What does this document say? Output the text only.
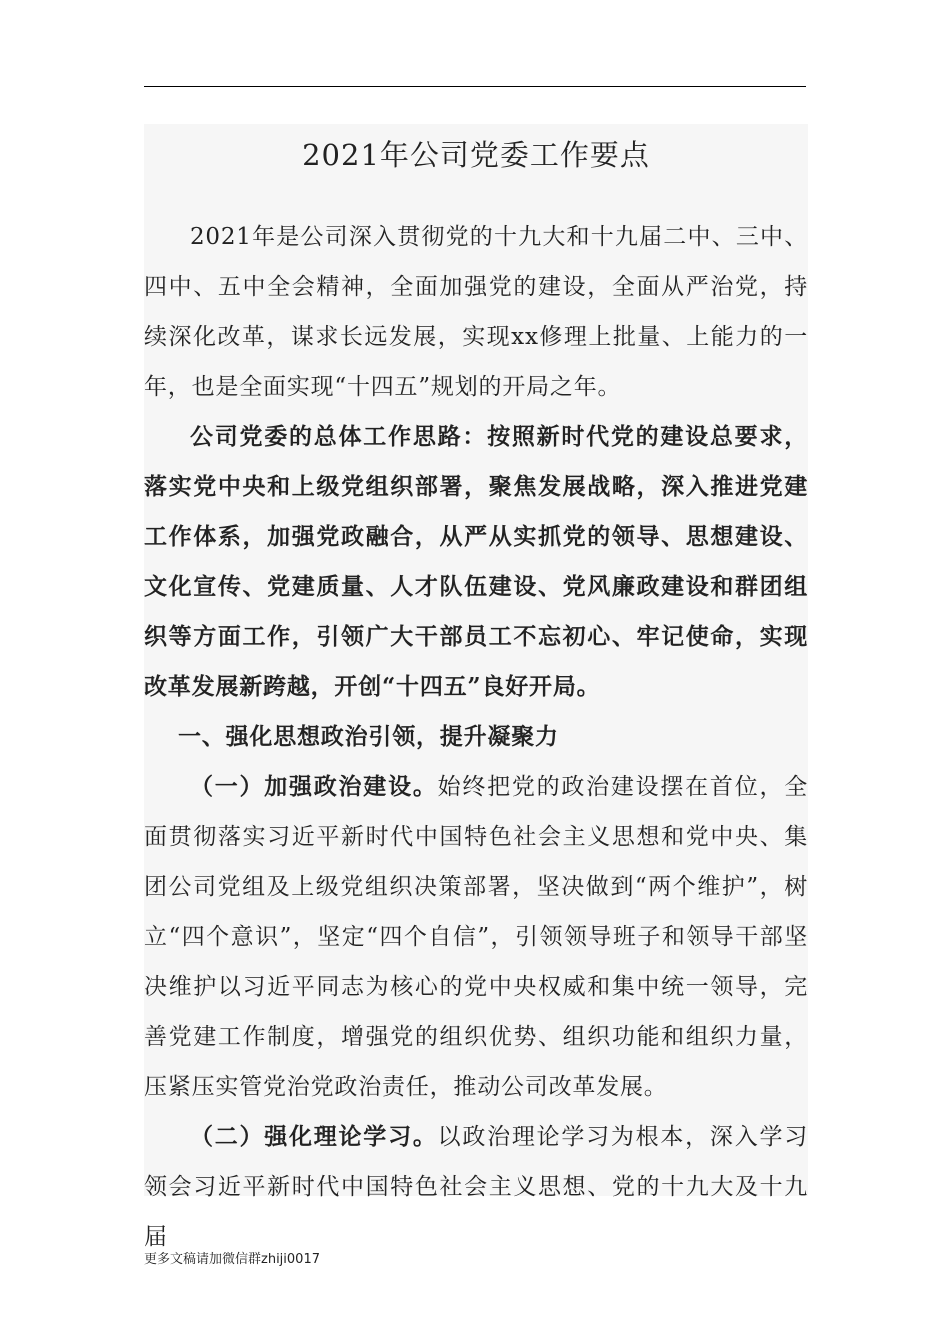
2021年公司党委工作要点

2021年是公司深入贯彻党的十九大和十九届二中、三中、四中、五中全会精神，全面加强党的建设，全面从严治党，持续深化改革，谋求长远发展，实现xx修理上批量、上能力的一年，也是全面实现“十四五”规划的开局之年。

公司党委的总体工作思路：按照新时代党的建设总要求，落实党中央和上级党组织部署，聚焦发展战略，深入推进党建工作体系，加强党政融合，从严从实抓党的领导、思想建设、文化宣传、党建质量、人才队伍建设、党风廉政建设和群团组织等方面工作，引领广大干部员工不忘初心、牢记使命，实现改革发展新跨越，开创“十四五”良好开局。

一、强化思想政治引领，提升凝聚力

（一）加强政治建设。始终把党的政治建设摆在首位，全面贯彻落实习近平新时代中国特色社会主义思想和党中央、集团公司党组及上级党组织决策部署，坚决做到“两个维护”，树立“四个意识”，坚定“四个自信”，引领领导班子和领导干部坚决维护以习近平同志为核心的党中央权威和集中统一领导，完善党建工作制度，增强党的组织优势、组织功能和组织力量，压紧压实管党治党政治责任，推动公司改革发展。

（二）强化理论学习。以政治理论学习为根本，深入学习领会习近平新时代中国特色社会主义思想、党的十九大及十九届

更多文稿请加微信群zhiji0017
